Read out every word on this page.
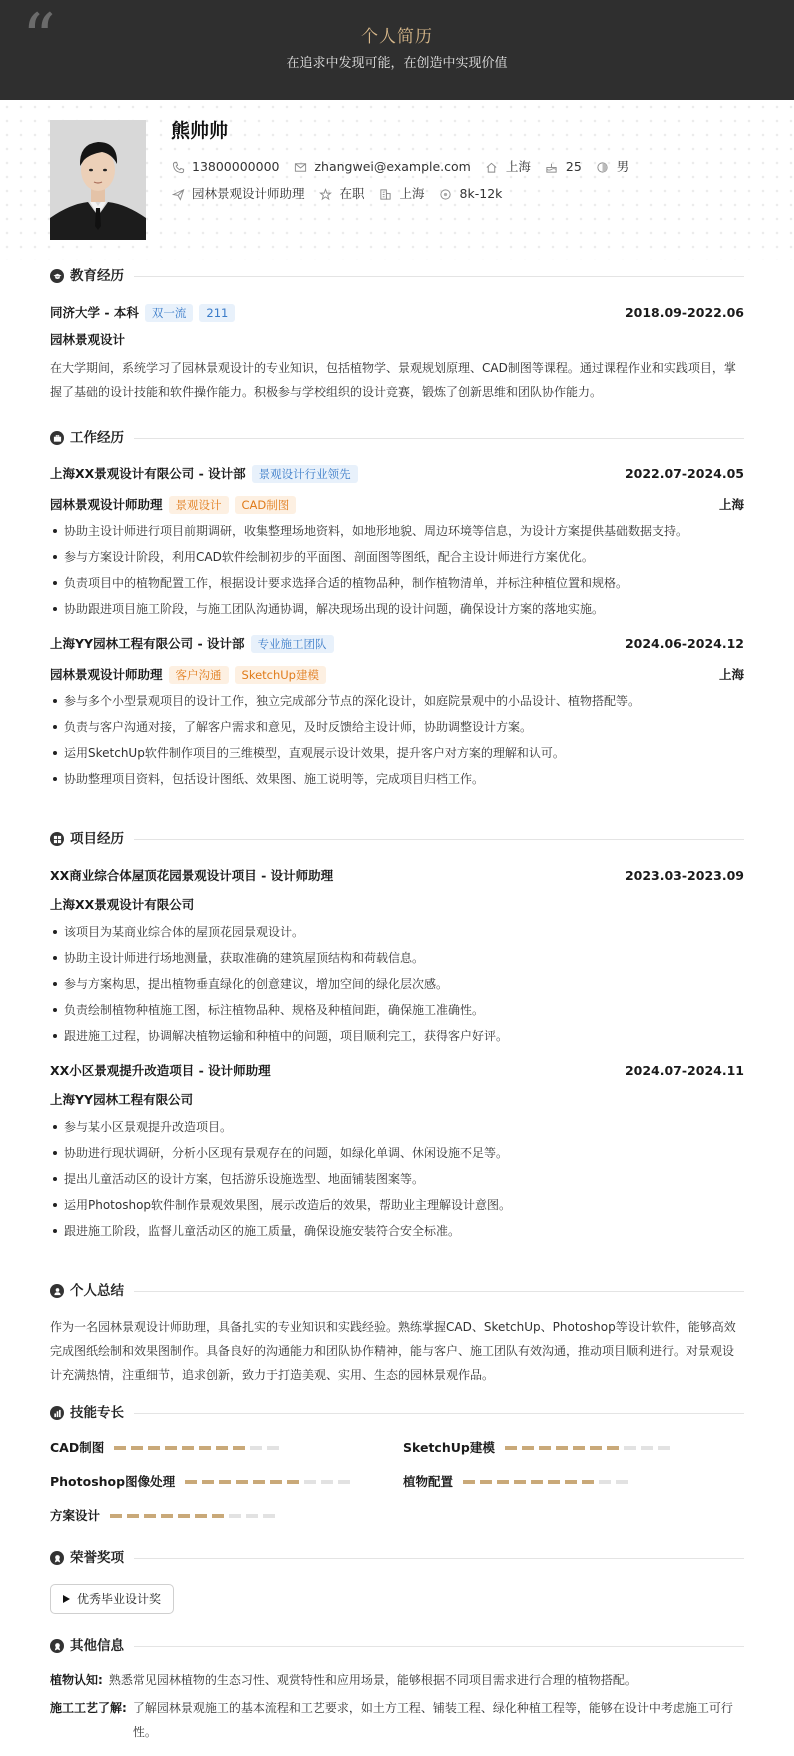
“	个人简历
在追求中发现可能，在创造中实现价值
熊帅帅
13800000000	zhangwei@example.com	上海	25	男
园林景观设计师助理	在职	上海	8k-12k
教育经历
同济大学 - 本科	双一流	211	2018.09-2022.06
园林景观设计
在大学期间，系统学习了园林景观设计的专业知识，包括植物学、景观规划原理、CAD制图等课程。通过课程作业和实践项目，掌握了基础的设计技能和软件操作能力。积极参与学校组织的设计竞赛，锻炼了创新思维和团队协作能力。
工作经历
上海XX景观设计有限公司 - 设计部	景观设计行业领先	2022.07-2024.05
园林景观设计师助理	景观设计	CAD制图	上海
协助主设计师进行项目前期调研，收集整理场地资料，如地形地貌、周边环境等信息，为设计方案提供基础数据支持。
参与方案设计阶段，利用CAD软件绘制初步的平面图、剖面图等图纸，配合主设计师进行方案优化。
负责项目中的植物配置工作，根据设计要求选择合适的植物品种，制作植物清单，并标注种植位置和规格。
协助跟进项目施工阶段，与施工团队沟通协调，解决现场出现的设计问题，确保设计方案的落地实施。
上海YY园林工程有限公司 - 设计部	专业施工团队	2024.06-2024.12
园林景观设计师助理	客户沟通	SketchUp建模	上海
参与多个小型景观项目的设计工作，独立完成部分节点的深化设计，如庭院景观中的小品设计、植物搭配等。
负责与客户沟通对接，了解客户需求和意见，及时反馈给主设计师，协助调整设计方案。
运用SketchUp软件制作项目的三维模型，直观展示设计效果，提升客户对方案的理解和认可。
协助整理项目资料，包括设计图纸、效果图、施工说明等，完成项目归档工作。
项目经历
XX商业综合体屋顶花园景观设计项目 - 设计师助理	2023.03-2023.09
上海XX景观设计有限公司
该项目为某商业综合体的屋顶花园景观设计。
协助主设计师进行场地测量，获取准确的建筑屋顶结构和荷载信息。
参与方案构思，提出植物垂直绿化的创意建议，增加空间的绿化层次感。
负责绘制植物种植施工图，标注植物品种、规格及种植间距，确保施工准确性。
跟进施工过程，协调解决植物运输和种植中的问题，项目顺利完工，获得客户好评。
XX小区景观提升改造项目 - 设计师助理	2024.07-2024.11
上海YY园林工程有限公司
参与某小区景观提升改造项目。
协助进行现状调研，分析小区现有景观存在的问题，如绿化单调、休闲设施不足等。
提出儿童活动区的设计方案，包括游乐设施选型、地面铺装图案等。
运用Photoshop软件制作景观效果图，展示改造后的效果，帮助业主理解设计意图。
跟进施工阶段，监督儿童活动区的施工质量，确保设施安装符合安全标准。
个人总结
作为一名园林景观设计师助理，具备扎实的专业知识和实践经验。熟练掌握CAD、SketchUp、Photoshop等设计软件，能够高效完成图纸绘制和效果图制作。具备良好的沟通能力和团队协作精神，能与客户、施工团队有效沟通，推动项目顺利进行。对景观设计充满热情，注重细节，追求创新，致力于打造美观、实用、生态的园林景观作品。
技能专长
CAD制图	SketchUp建模
Photoshop图像处理	植物配置
方案设计
荣誉奖项
优秀毕业设计奖
其他信息
植物认知: 熟悉常见园林植物的生态习性、观赏特性和应用场景，能够根据不同项目需求进行合理的植物搭配。
施工工艺了解: 了解园林景观施工的基本流程和工艺要求，如土方工程、铺装工程、绿化种植工程等，能够在设计中考虑施工可行性。
